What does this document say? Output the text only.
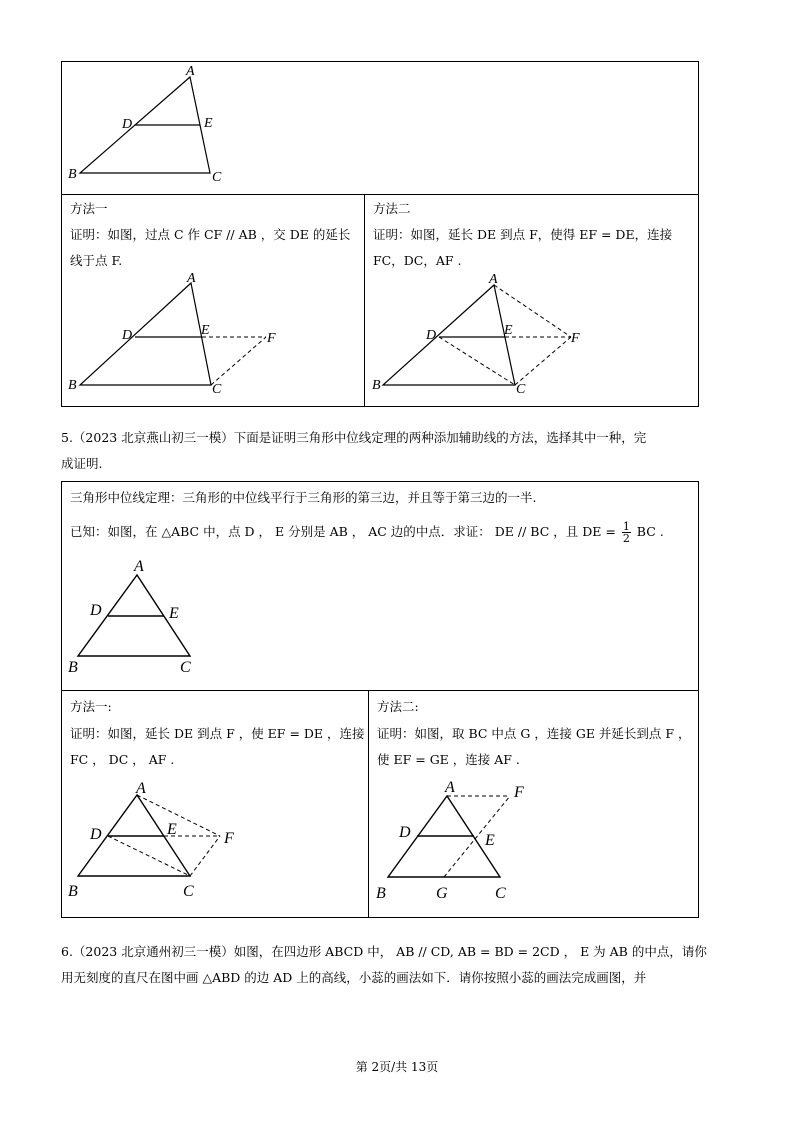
A
D	E
B	C
方法一
证明：如图，过点 C 作 CF // AB ，交 DE 的延长
线于点 F.
A
D	E
F
B	C
方法二
证明：如图，延长 DE 到点 F，使得 EF = DE，连接
FC，DC，AF .
A
D	E
F
B	C
5.（2023 北京燕山初三一模）下面是证明三角形中位线定理的两种添加辅助线的方法，选择其中一种，完
成证明.
三角形中位线定理：三角形的中位线平行于三角形的第三边，并且等于第三边的一半.
已知：如图，在 △ABC 中，点 D ， E 分别是 AB ， AC 边的中点．求证： DE // BC ，且 DE = $\frac{1}{2}$ BC .
A
D	E
B	C
方法一:
证明：如图，延长 DE 到点 F ，使 EF = DE ，连接
FC ， DC ， AF .
A
D	E
F
B	C
方法二:
证明：如图，取 BC 中点 G ，连接 GE 并延长到点 F ，
使 EF = GE ，连接 AF .
A	F
D	E
B	G	C
6.（2023 北京通州初三一模）如图，在四边形 ABCD 中， AB // CD, AB = BD = 2CD ， E 为 AB 的中点，请你
用无刻度的直尺在图中画 △ABD 的边 AD 上的高线，小蕊的画法如下．请你按照小蕊的画法完成画图，并
第 2页/共 13页
